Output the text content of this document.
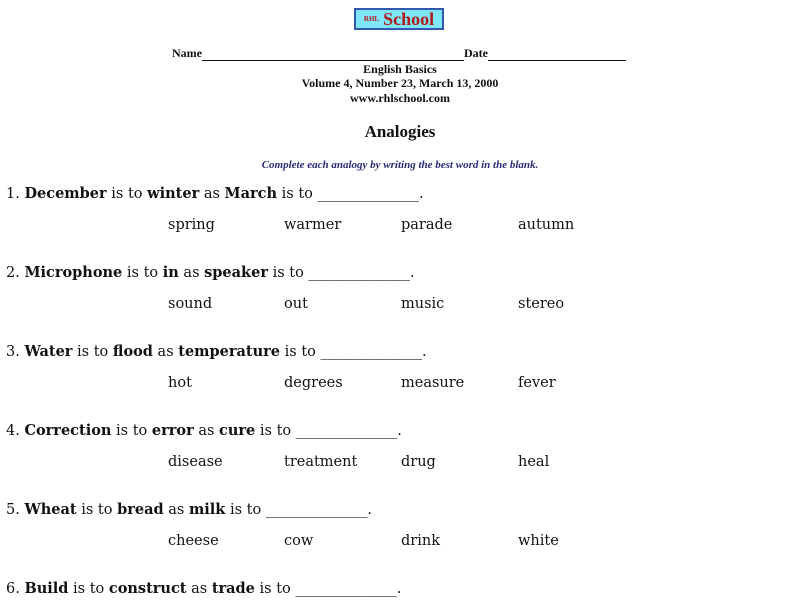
RHL School
Name	Date
English Basics
Volume 4, Number 23, March 13, 2000
www.rhlschool.com
Analogies
Complete each analogy by writing the best word in the blank.
1. December is to winter as March is to ______________.
spring	warmer	parade	autumn
2. Microphone is to in as speaker is to ______________.
sound	out	music	stereo
3. Water is to flood as temperature is to ______________.
hot	degrees	measure	fever
4. Correction is to error as cure is to ______________.
disease	treatment	drug	heal
5. Wheat is to bread as milk is to ______________.
cheese	cow	drink	white
6. Build is to construct as trade is to ______________.
